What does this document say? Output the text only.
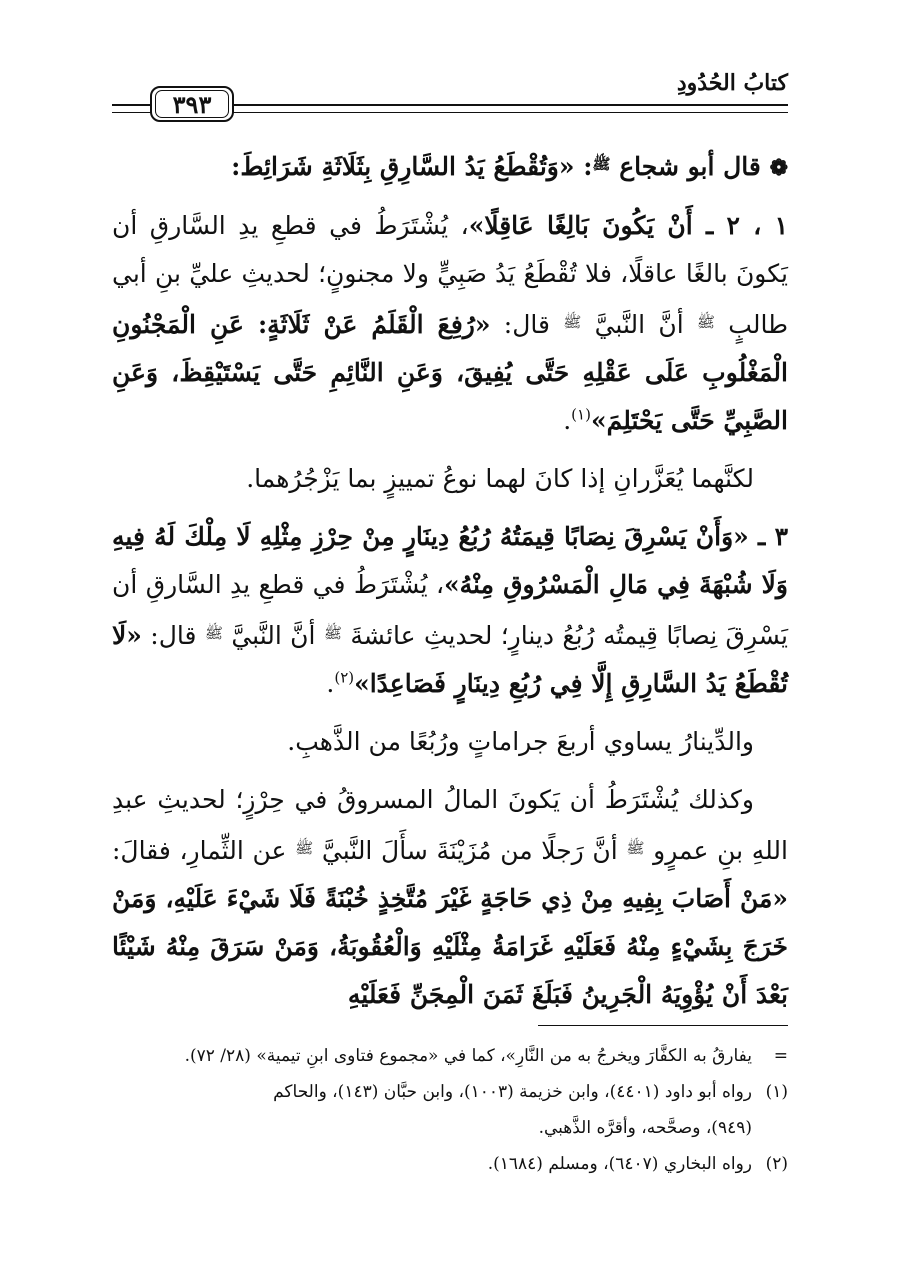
كتابُ الحُدُودِ
٣٩٣

❁ قال أبو شجاع $^ﷺ$: «وَتُقْطَعُ يَدُ السَّارِقِ بِثَلَاثَةِ شَرَائِطَ:

١ ، ٢ ـ أَنْ يَكُونَ بَالِغًا عَاقِلًا»، يُشْتَرَطُ في قطعِ يدِ السَّارقِ أن يَكونَ بالغًا عاقلًا، فلا تُقْطَعُ يَدُ صَبِيٍّ ولا مجنونٍ؛ لحديثِ عليِّ بنِ أبي طالبٍ $^ﷺ$ أنَّ النَّبيَّ $^ﷺ$ قال: «رُفِعَ الْقَلَمُ عَنْ ثَلَاثَةٍ: عَنِ الْمَجْنُونِ الْمَغْلُوبِ عَلَى عَقْلِهِ حَتَّى يُفِيقَ، وَعَنِ النَّائِمِ حَتَّى يَسْتَيْقِظَ، وَعَنِ الصَّبِيِّ حَتَّى يَحْتَلِمَ»$^{(١)}$.

لكنَّهما يُعَزَّرانِ إذا كانَ لهما نوعُ تمييزٍ بما يَزْجُرُهما.

٣ ـ «وَأَنْ يَسْرِقَ نِصَابًا قِيمَتُهُ رُبُعُ دِينَارٍ مِنْ حِرْزِ مِثْلِهِ لَا مِلْكَ لَهُ فِيهِ وَلَا شُبْهَةَ فِي مَالِ الْمَسْرُوقِ مِنْهُ»، يُشْتَرَطُ في قطعِ يدِ السَّارقِ أن يَسْرِقَ نِصابًا قِيمتُه رُبُعُ دينارٍ؛ لحديثِ عائشةَ $^ﷺ$ أنَّ النَّبيَّ $^ﷺ$ قال: «لَا تُقْطَعُ يَدُ السَّارِقِ إِلَّا فِي رُبُعِ دِينَارٍ فَصَاعِدًا»$^{(٢)}$.

والدِّينارُ يساوي أربعَ جراماتٍ ورُبُعًا من الذَّهبِ.

وكذلك يُشْتَرَطُ أن يَكونَ المالُ المسروقُ في حِرْزٍ؛ لحديثِ عبدِ اللهِ بنِ عمرٍو $^ﷺ$ أنَّ رَجلًا من مُزَيْنَةَ سأَلَ النَّبيَّ $^ﷺ$ عن الثِّمارِ، فقالَ: «مَنْ أَصَابَ بِفِيهِ مِنْ ذِي حَاجَةٍ غَيْرَ مُتَّخِذٍ خُبْنَةً فَلَا شَيْءَ عَلَيْهِ، وَمَنْ خَرَجَ بِشَيْءٍ مِنْهُ فَعَلَيْهِ غَرَامَةُ مِثْلَيْهِ وَالْعُقُوبَةُ، وَمَنْ سَرَقَ مِنْهُ شَيْئًا بَعْدَ أَنْ يُؤْوِيَهُ الْجَرِينُ فَبَلَغَ ثَمَنَ الْمِجَنِّ فَعَلَيْهِ

=يفارقُ به الكفَّارَ ويخرجُ به من النَّارِ»، كما في «مجموع فتاوى ابنِ تيمية» (٢٨/ ٧٢).

(١)رواه أبو داود (٤٤٠١)، وابن خزيمة (١٠٠٣)، وابن حبَّان (١٤٣)، والحاكم

(٩٤٩)، وصحَّحه، وأقرَّه الذَّهبي.

(٢)رواه البخاري (٦٤٠٧)، ومسلم (١٦٨٤).
